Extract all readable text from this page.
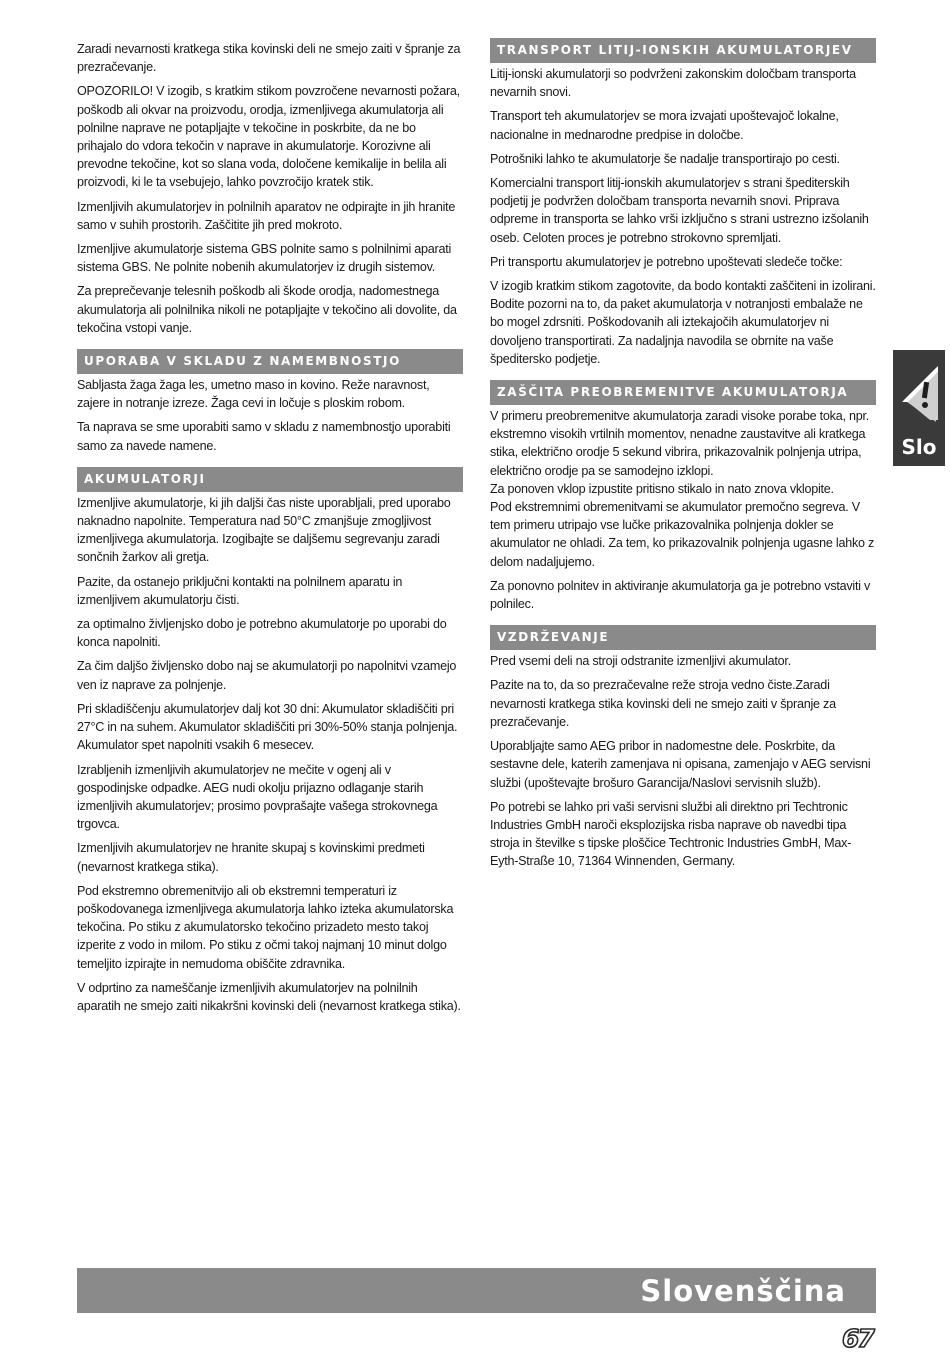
Zaradi nevarnosti kratkega stika kovinski deli ne smejo zaiti v špranje za prezračevanje.

OPOZORILO! V izogib, s kratkim stikom povzročene nevarnosti požara, poškodb ali okvar na proizvodu, orodja, izmenljivega akumulatorja ali polnilne naprave ne potapljajte v tekočine in poskrbite, da ne bo prihajalo do vdora tekočin v naprave in akumulatorje. Korozivne ali prevodne tekočine, kot so slana voda, določene kemikalije in belila ali proizvodi, ki le ta vsebujejo, lahko povzročijo kratek stik.

Izmenljivih akumulatorjev in polnilnih aparatov ne odpirajte in jih hranite samo v suhih prostorih. Zaščitite jih pred mokroto.

Izmenljive akumulatorje sistema GBS polnite samo s polnilnimi aparati sistema GBS. Ne polnite nobenih akumulatorjev iz drugih sistemov.

Za preprečevanje telesnih poškodb ali škode orodja, nadomestnega akumulatorja ali polnilnika nikoli ne potapljajte v tekočino ali dovolite, da tekočina vstopi vanje.

UPORABA V SKLADU Z NAMEMBNOSTJO

Sabljasta žaga žaga les, umetno maso in kovino. Reže naravnost, zajere in notranje izreze. Žaga cevi in ločuje s ploskim robom.

Ta naprava se sme uporabiti samo v skladu z namembnostjo uporabiti samo za navede namene.

AKUMULATORJI

Izmenljive akumulatorje, ki jih daljši čas niste uporabljali, pred uporabo naknadno napolnite. Temperatura nad 50°C zmanjšuje zmogljivost izmenljivega akumulatorja. Izogibajte se daljšemu segrevanju zaradi sončnih žarkov ali gretja.

Pazite, da ostanejo priključni kontakti na polnilnem aparatu in izmenljivem akumulatorju čisti.

za optimalno življenjsko dobo je potrebno akumulatorje po uporabi do konca napolniti.

Za čim daljšo življensko dobo naj se akumulatorji po napolnitvi vzamejo ven iz naprave za polnjenje.

Pri skladiščenju akumulatorjev dalj kot 30 dni: Akumulator skladiščiti pri 27°C in na suhem. Akumulator skladiščiti pri 30%-50% stanja polnjenja. Akumulator spet napolniti vsakih 6 mesecev.

Izrabljenih izmenljivih akumulatorjev ne mečite v ogenj ali v gospodinjske odpadke. AEG nudi okolju prijazno odlaganje starih izmenljivih akumulatorjev; prosimo povprašajte vašega strokovnega trgovca.

Izmenljivih akumulatorjev ne hranite skupaj s kovinskimi predmeti (nevarnost kratkega stika).

Pod ekstremno obremenitvijo ali ob ekstremni temperaturi iz poškodovanega izmenljivega akumulatorja lahko izteka akumulatorska tekočina. Po stiku z akumulatorsko tekočino prizadeto mesto takoj izperite z vodo in milom. Po stiku z očmi takoj najmanj 10 minut dolgo temeljito izpirajte in nemudoma obiščite zdravnika.

V odprtino za nameščanje izmenljivih akumulatorjev na polnilnih aparatih ne smejo zaiti nikakršni kovinski deli (nevarnost kratkega stika).

TRANSPORT LITIJ-IONSKIH AKUMULATORJEV

Litij-ionski akumulatorji so podvrženi zakonskim določbam transporta nevarnih snovi.

Transport teh akumulatorjev se mora izvajati upoštevajoč lokalne, nacionalne in mednarodne predpise in določbe.

Potrošniki lahko te akumulatorje še nadalje transportirajo po cesti.

Komercialni transport litij-ionskih akumulatorjev s strani špediterskih podjetij je podvržen določbam transporta nevarnih snovi. Priprava odpreme in transporta se lahko vrši izključno s strani ustrezno izšolanih oseb. Celoten proces je potrebno strokovno spremljati.

Pri transportu akumulatorjev je potrebno upoštevati sledeče točke:

V izogib kratkim stikom zagotovite, da bodo kontakti zaščiteni in izolirani. Bodite pozorni na to, da paket akumulatorja v notranjosti embalaže ne bo mogel zdrsniti. Poškodovanih ali iztekajočih akumulatorjev ni dovoljeno transportirati. Za nadaljnja navodila se obrnite na vaše špeditersko podjetje.

ZAŠČITA PREOBREMENITVE AKUMULATORJA

V primeru preobremenitve akumulatorja zaradi visoke porabe toka, npr. ekstremno visokih vrtilnih momentov, nenadne zaustavitve ali kratkega stika, električno orodje 5 sekund vibrira, prikazovalnik polnjenja utripa, električno orodje pa se samodejno izklopi.

Za ponoven vklop izpustite pritisno stikalo in nato znova vklopite.

Pod ekstremnimi obremenitvami se akumulator premočno segreva. V tem primeru utripajo vse lučke prikazovalnika polnjenja dokler se akumulator ne ohladi. Za tem, ko prikazovalnik polnjenja ugasne lahko z delom nadaljujemo.

Za ponovno polnitev in aktiviranje akumulatorja ga je potrebno vstaviti v polnilec.

VZDRŽEVANJE

Pred vsemi deli na stroji odstranite izmenljivi akumulator.

Pazite na to, da so prezračevalne reže stroja vedno čiste.Zaradi nevarnosti kratkega stika kovinski deli ne smejo zaiti v špranje za prezračevanje.

Uporabljajte samo AEG pribor in nadomestne dele. Poskrbite, da sestavne dele, katerih zamenjava ni opisana, zamenjajo v AEG servisni službi (upoštevajte brošuro Garancija/Naslovi servisnih služb).

Po potrebi se lahko pri vaši servisni službi ali direktno pri Techtronic Industries GmbH naroči eksplozijska risba naprave ob navedbi tipa stroja in številke s tipske ploščice Techtronic Industries GmbH, Max-Eyth-Straße 10, 71364 Winnenden, Germany.

Slo
Slovenščina
67
